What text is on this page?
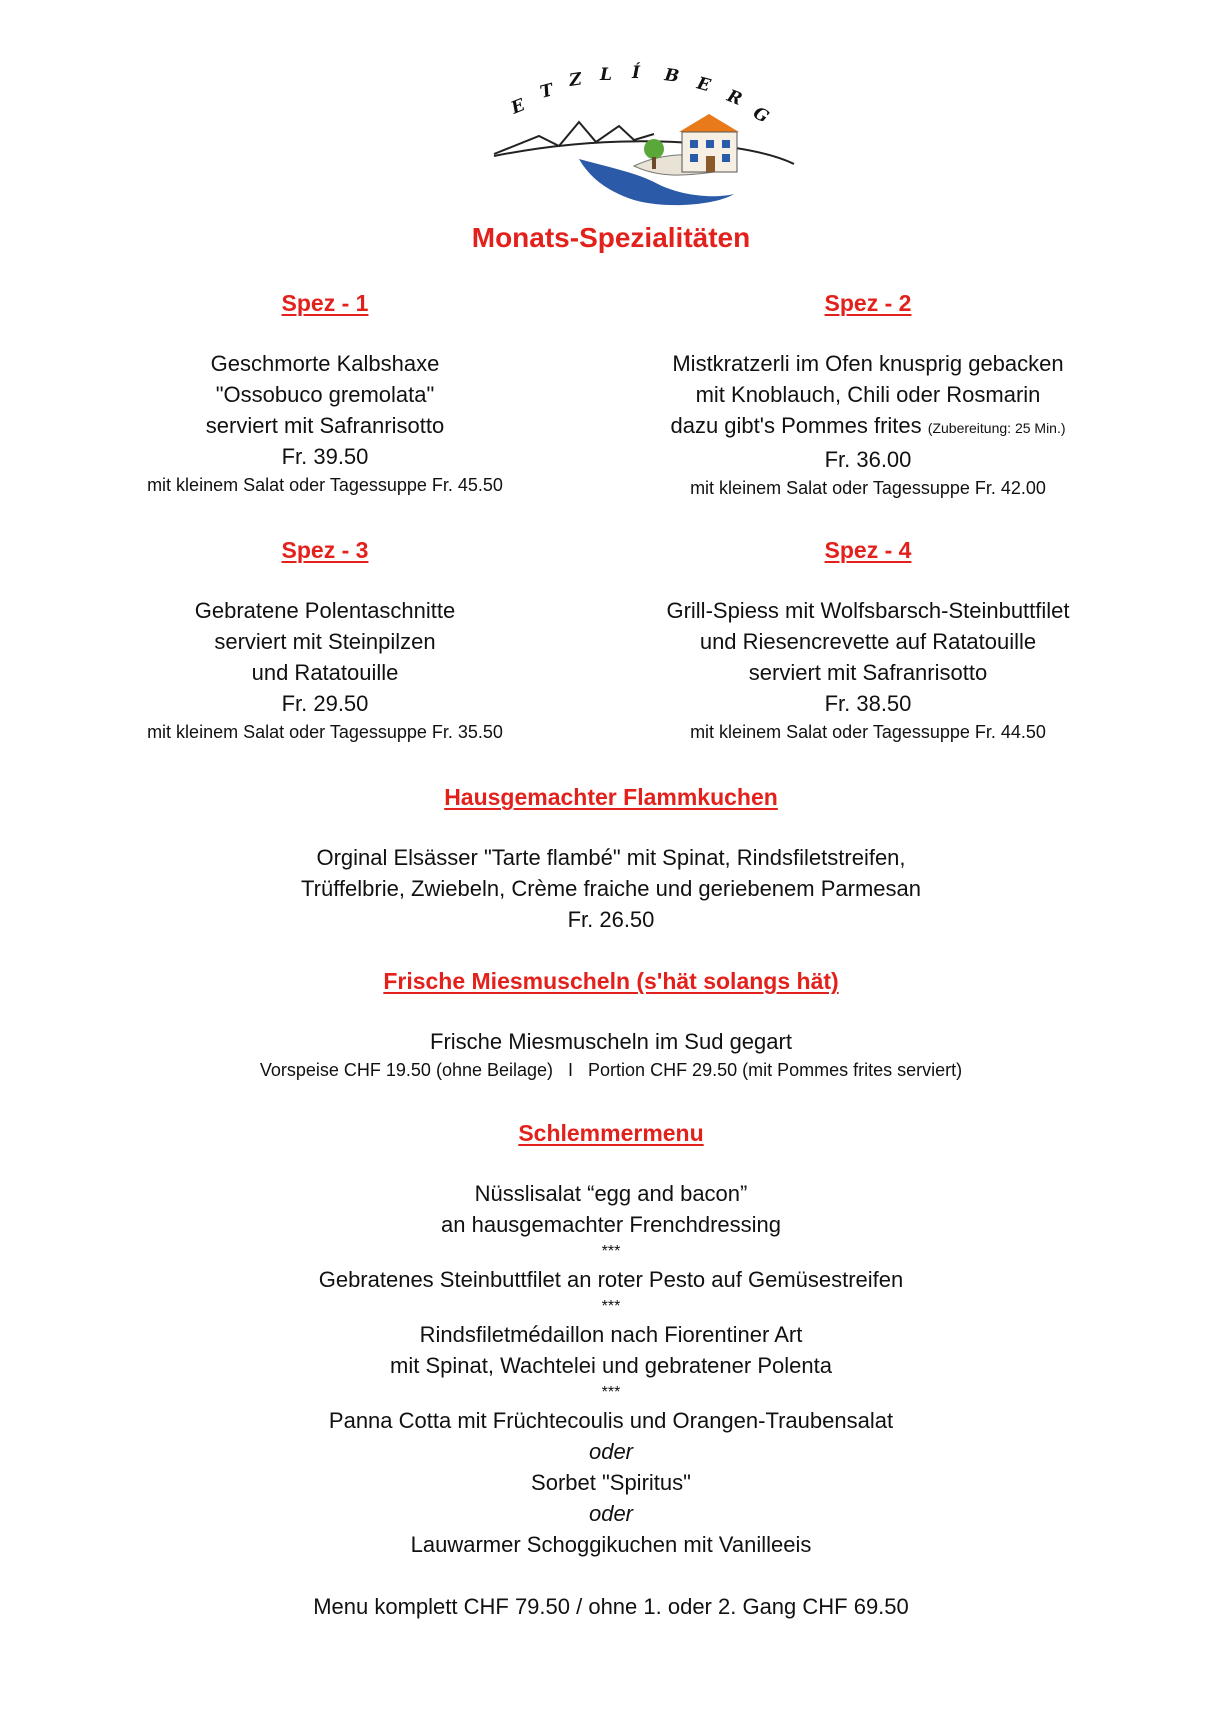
E
T
Z L Í B E
R
G
Monats-Spezialitäten
Spez - 1
Geschmorte Kalbshaxe
"Ossobuco gremolata"
serviert mit Safranrisotto
Fr. 39.50
mit kleinem Salat oder Tagessuppe Fr. 45.50
Spez - 2
Mistkratzerli im Ofen knusprig gebacken
mit Knoblauch, Chili oder Rosmarin
dazu gibt's Pommes frites (Zubereitung: 25 Min.)
Fr. 36.00
mit kleinem Salat oder Tagessuppe Fr. 42.00
Spez - 3
Gebratene Polentaschnitte
serviert mit Steinpilzen
und Ratatouille
Fr. 29.50
mit kleinem Salat oder Tagessuppe Fr. 35.50
Spez - 4
Grill-Spiess mit Wolfsbarsch-Steinbuttfilet
und Riesencrevette auf Ratatouille
serviert mit Safranrisotto
Fr. 38.50
mit kleinem Salat oder Tagessuppe Fr. 44.50
Hausgemachter Flammkuchen
Orginal Elsässer "Tarte flambé" mit Spinat, Rindsfiletstreifen,
Trüffelbrie, Zwiebeln, Crème fraiche und geriebenem Parmesan
Fr. 26.50
Frische Miesmuscheln (s'hät solangs hät)
Frische Miesmuscheln im Sud gegart
Vorspeise CHF 19.50 (ohne Beilage)   I   Portion CHF 29.50 (mit Pommes frites serviert)
Schlemmermenu
Nüsslisalat “egg and bacon”
an hausgemachter Frenchdressing
***
Gebratenes Steinbuttfilet an roter Pesto auf Gemüsestreifen
***
Rindsfiletmédaillon nach Fiorentiner Art
mit Spinat, Wachtelei und gebratener Polenta
***
Panna Cotta mit Früchtecoulis und Orangen-Traubensalat
oder
Sorbet "Spiritus"
oder
Lauwarmer Schoggikuchen mit Vanilleeis
Menu komplett CHF 79.50 / ohne 1. oder 2. Gang CHF 69.50
